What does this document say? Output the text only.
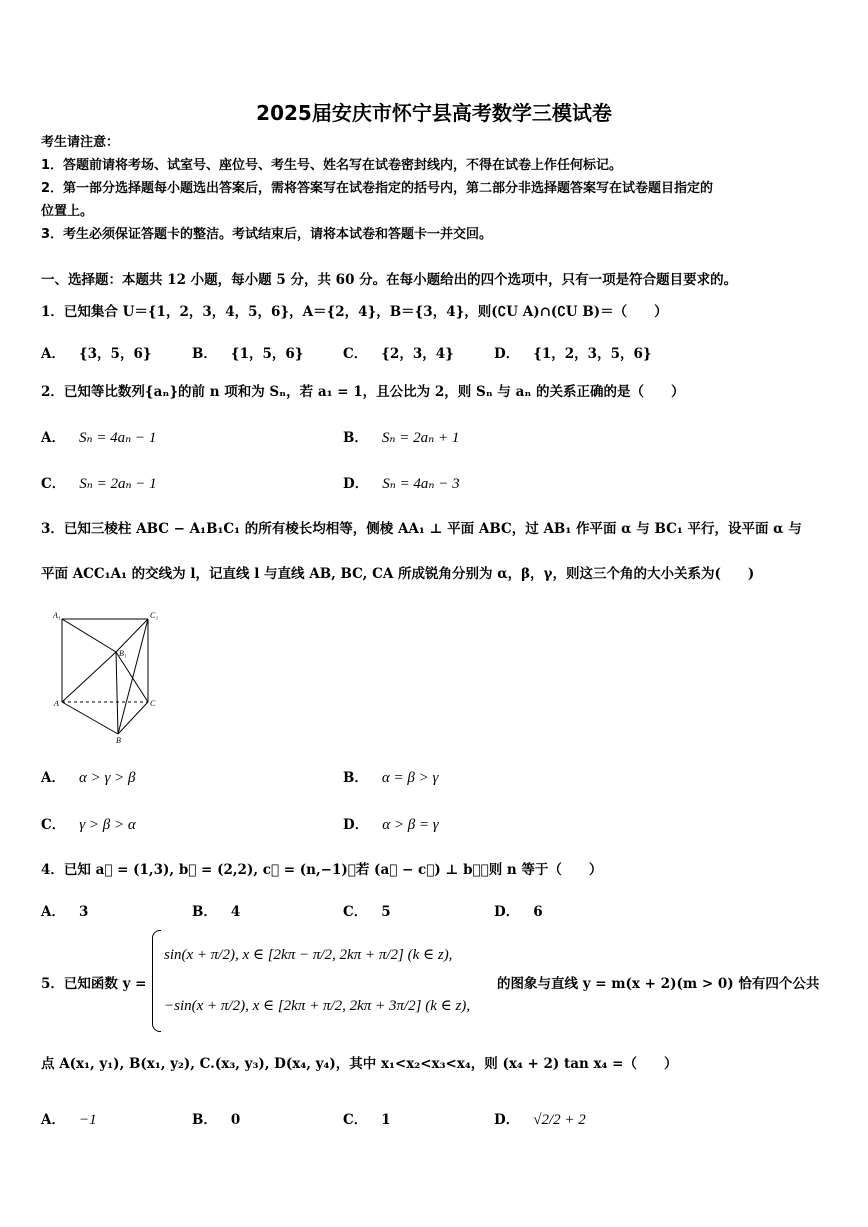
2025届安庆市怀宁县高考数学三模试卷
考生请注意：
1．答题前请将考场、试室号、座位号、考生号、姓名写在试卷密封线内，不得在试卷上作任何标记。
2．第一部分选择题每小题选出答案后，需将答案写在试卷指定的括号内，第二部分非选择题答案写在试卷题目指定的
位置上。
3．考生必须保证答题卡的整洁。考试结束后，请将本试卷和答题卡一并交回。
一、选择题：本题共 12 小题，每小题 5 分，共 60 分。在每小题给出的四个选项中，只有一项是符合题目要求的。
1．已知集合 U＝{1，2，3，4，5，6}，A＝{2，4}，B＝{3，4}，则(∁U A)∩(∁U B)＝（　　）
A． {3，5，6}	B． {1，5，6}	C． {2，3，4}	D． {1，2，3，5，6}
2．已知等比数列{aₙ}的前 n 项和为 Sₙ，若 a₁ = 1，且公比为 2，则 Sₙ 与 aₙ 的关系正确的是（　　）
A． Sₙ = 4aₙ − 1	B． Sₙ = 2aₙ + 1
C． Sₙ = 2aₙ − 1	D． Sₙ = 4aₙ − 3
3．已知三棱柱 ABC − A₁B₁C₁ 的所有棱长均相等，侧棱 AA₁ ⊥ 平面 ABC，过 AB₁ 作平面 α 与 BC₁ 平行，设平面 α 与
平面 ACC₁A₁ 的交线为 l，记直线 l 与直线 AB, BC, CA 所成锐角分别为 α，β，γ，则这三个角的大小关系为(　　)
A₁	C₁
B₁
A	C
B
A． α > γ > β	B． α = β > γ
C． γ > β > α	D． α > β = γ
4．已知 a⃗ = (1,3), b⃗ = (2,2), c⃗ = (n,−1)，若 (a⃗ − c⃗) ⊥ b⃗，则 n 等于（　　）
A． 3	B． 4	C． 5	D． 6
5．已知函数 y =
sin(x + π/2), x ∈ [2kπ − π/2, 2kπ + π/2] (k ∈ z),
−sin(x + π/2), x ∈ [2kπ + π/2, 2kπ + 3π/2] (k ∈ z),
的图象与直线 y = m(x + 2)(m > 0) 恰有四个公共
点 A(x₁, y₁), B(x₁, y₂), C.(x₃, y₃), D(x₄, y₄)，其中 x₁<x₂<x₃<x₄，则 (x₄ + 2) tan x₄ =（　　）
A． −1	B． 0	C． 1	D． √2/2 + 2
